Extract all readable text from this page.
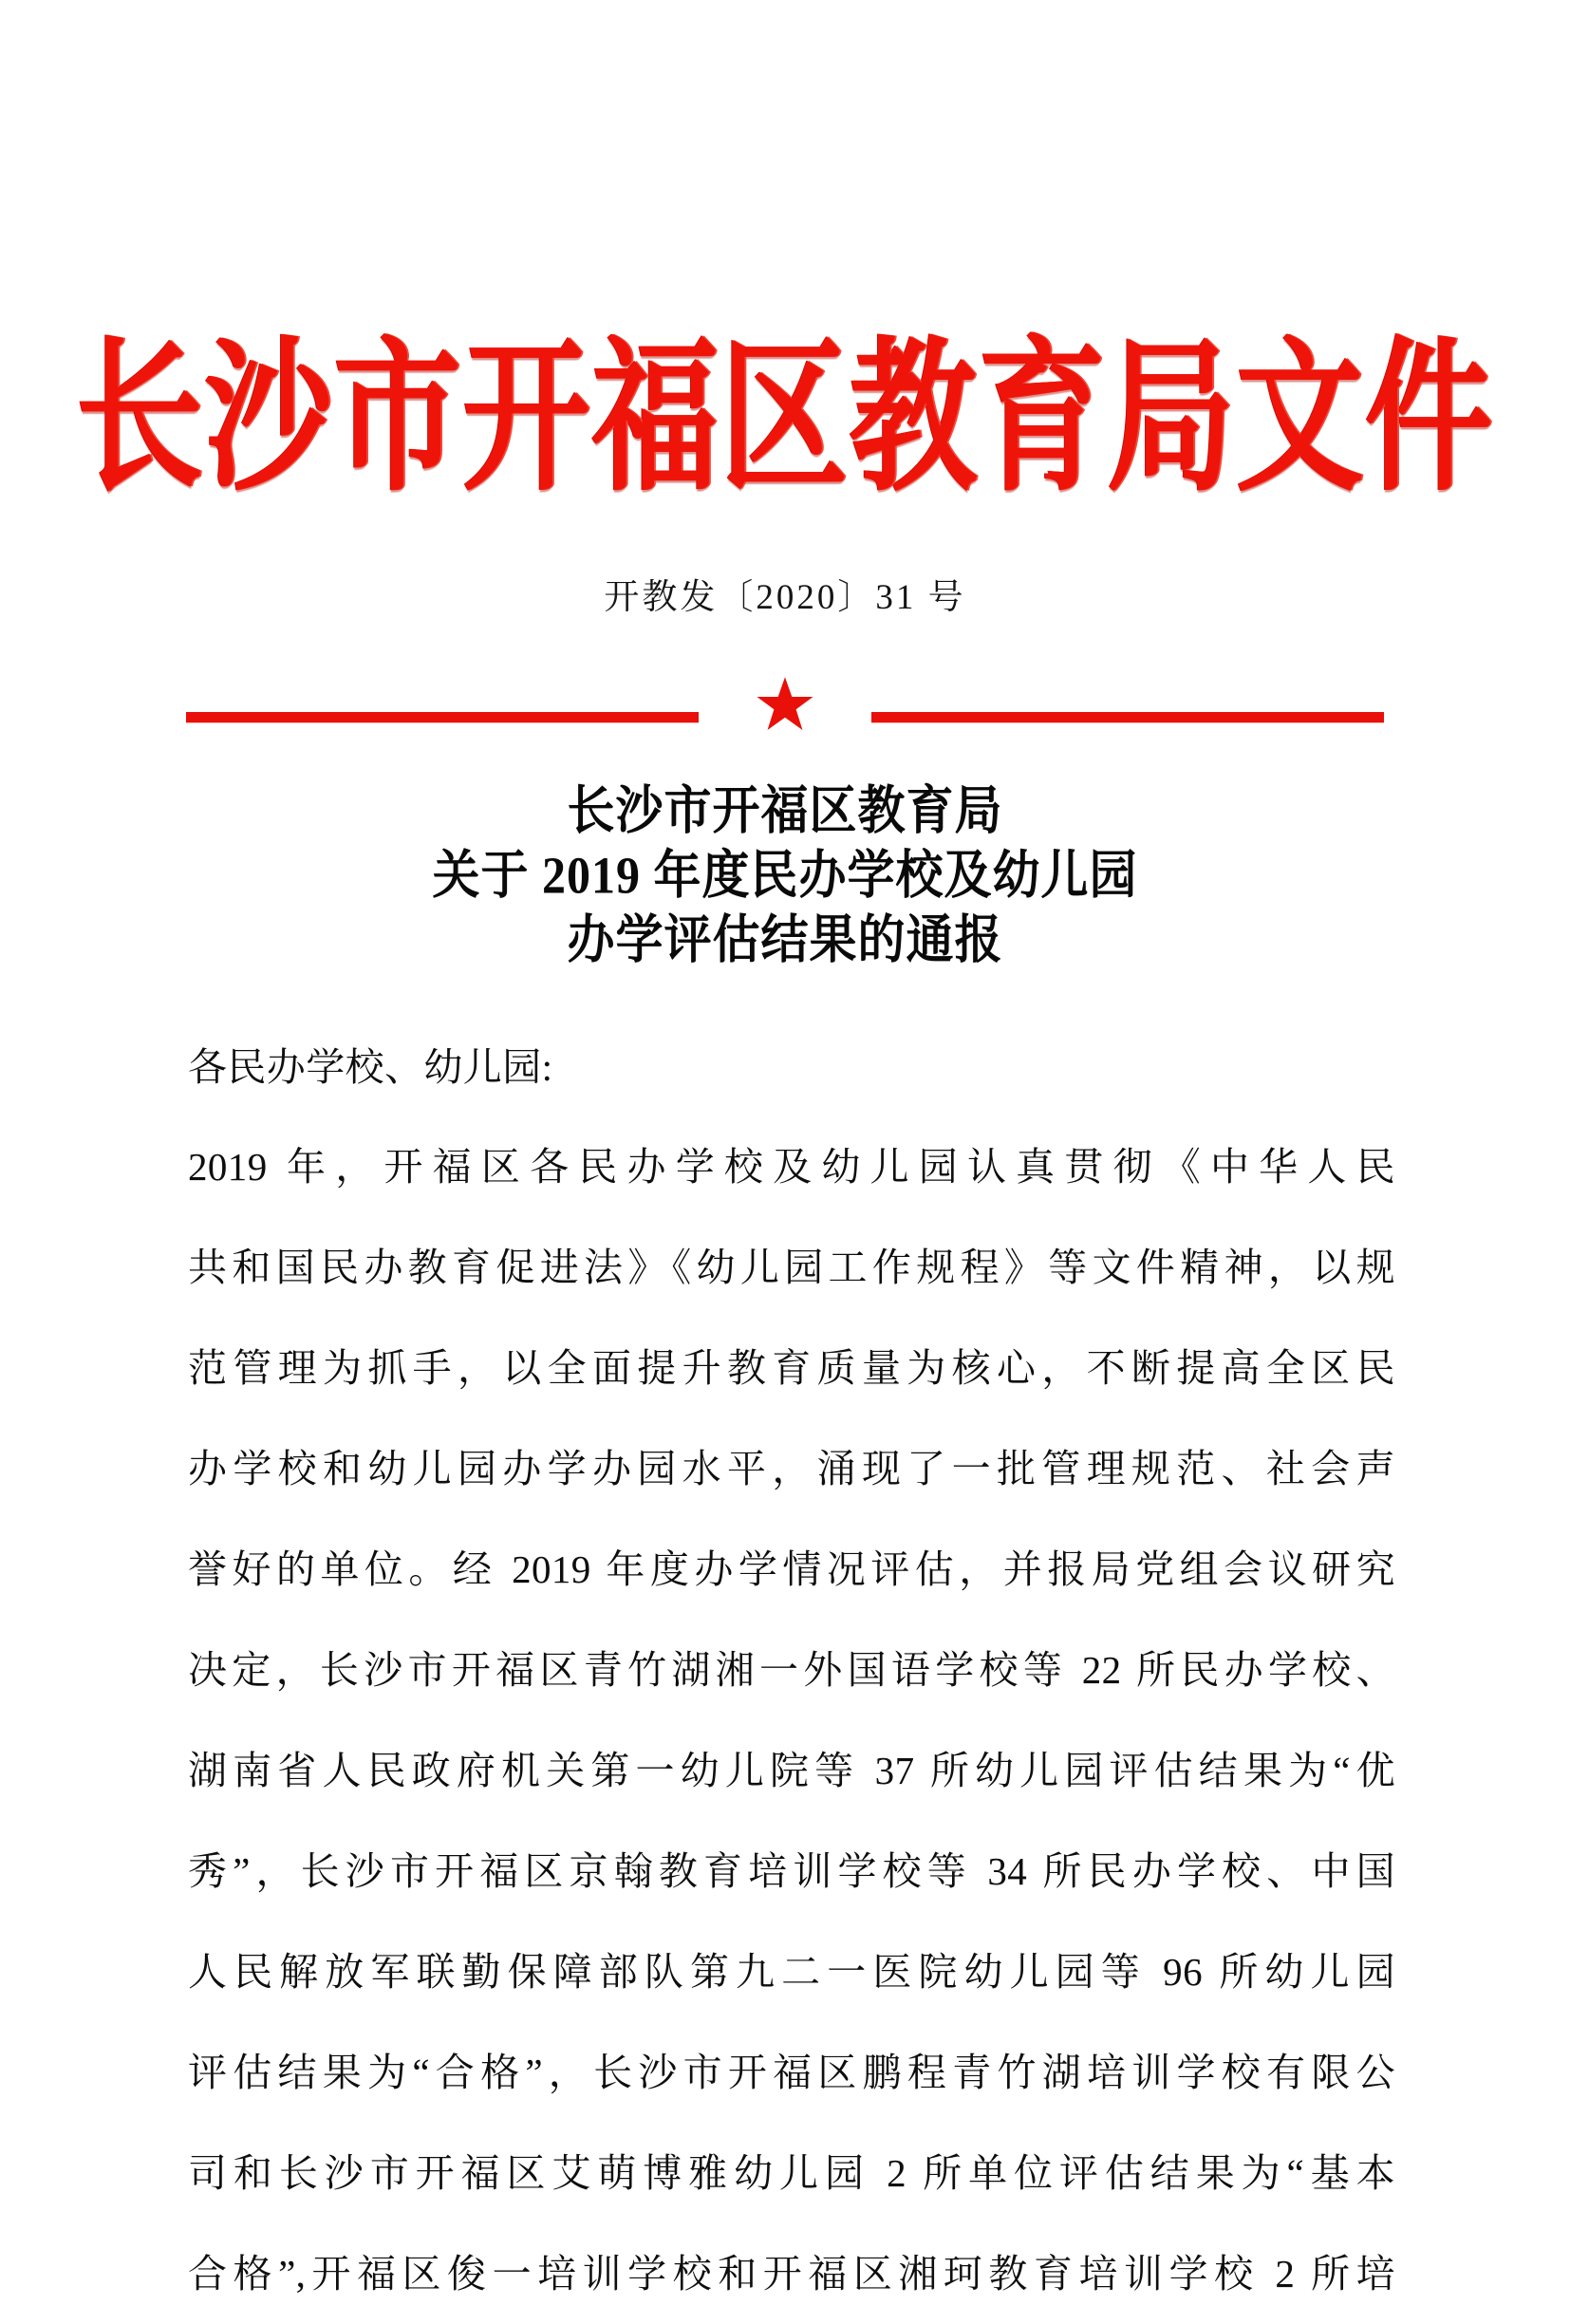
长沙市开福区教育局文件
开教发〔2020〕31 号
长沙市开福区教育局
关于 2019 年度民办学校及幼儿园
办学评估结果的通报
各民办学校、幼儿园:
2019 年，开福区各民办学校及幼儿园认真贯彻《中华人民
共和国民办教育促进法》《幼儿园工作规程》等文件精神，以规
范管理为抓手，以全面提升教育质量为核心，不断提高全区民
办学校和幼儿园办学办园水平，涌现了一批管理规范、社会声
誉好的单位。经 2019 年度办学情况评估，并报局党组会议研究
决定，长沙市开福区青竹湖湘一外国语学校等 22 所民办学校、
湖南省人民政府机关第一幼儿院等 37 所幼儿园评估结果为“优
秀”，长沙市开福区京翰教育培训学校等 34 所民办学校、中国
人民解放军联勤保障部队第九二一医院幼儿园等 96 所幼儿园
评估结果为“合格”，长沙市开福区鹏程青竹湖培训学校有限公
司和长沙市开福区艾萌博雅幼儿园 2 所单位评估结果为“基本
合格”,开福区俊一培训学校和开福区湘珂教育培训学校 2 所培
